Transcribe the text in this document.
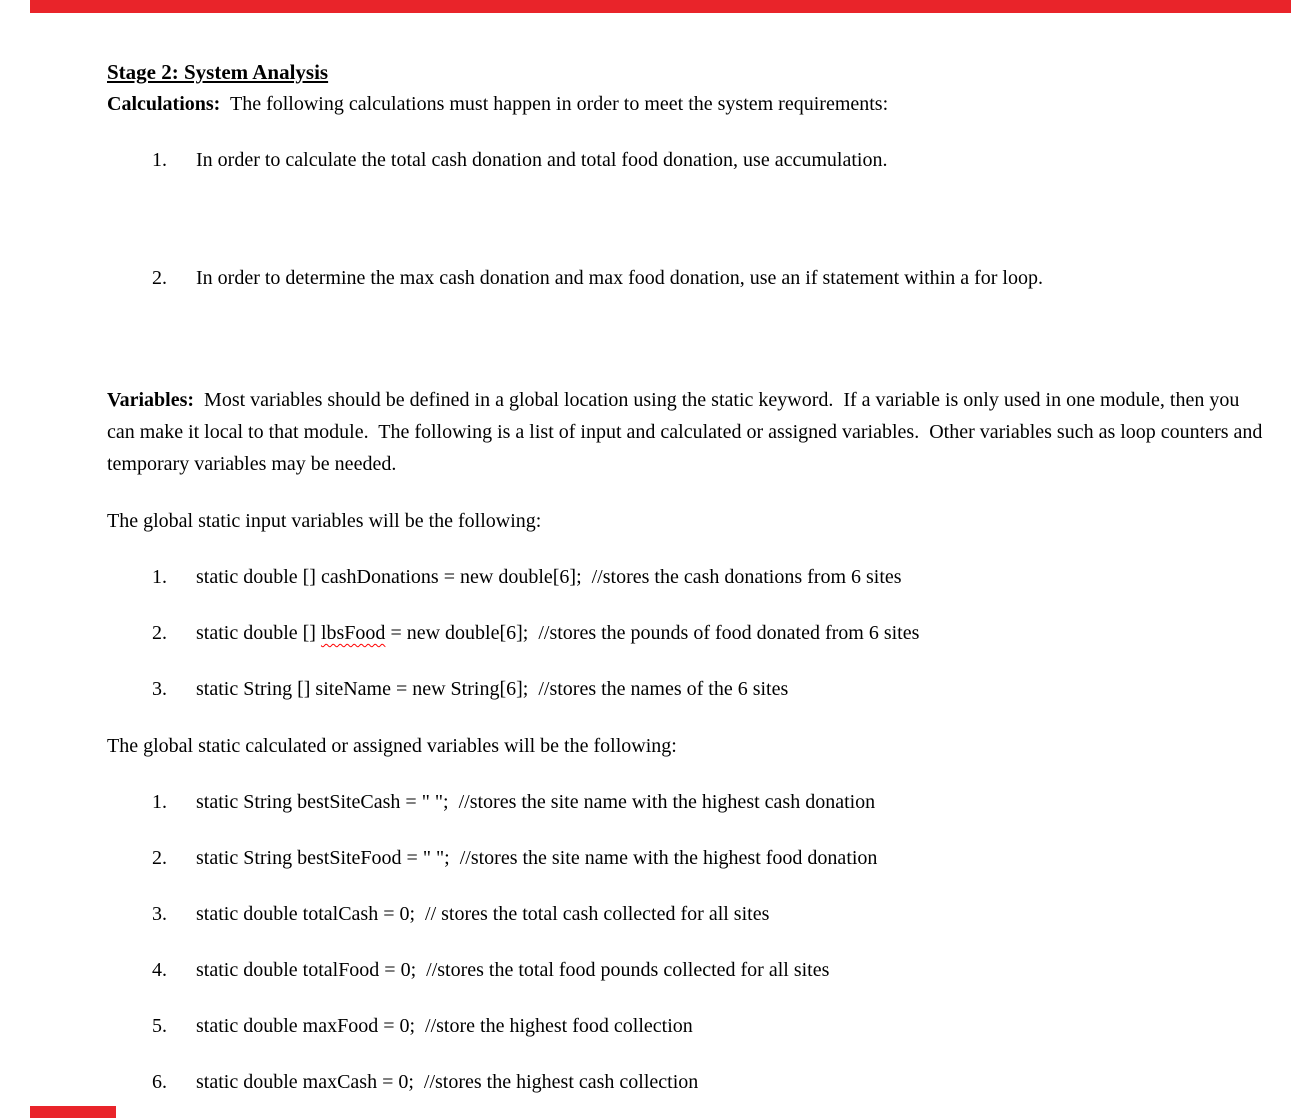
Stage 2: System Analysis

Calculations:  The following calculations must happen in order to meet the system requirements:

1.	In order to calculate the total cash donation and total food donation, use accumulation.
2.	In order to determine the max cash donation and max food donation, use an if statement within a for loop.

Variables:  Most variables should be defined in a global location using the static keyword.  If a variable is only used in one module, then you can make it local to that module.  The following is a list of input and calculated or assigned variables.  Other variables such as loop counters and temporary variables may be needed.

The global static input variables will be the following:

1.	static double [] cashDonations = new double[6];  //stores the cash donations from 6 sites
2.	static double [] lbsFood = new double[6];  //stores the pounds of food donated from 6 sites
3.	static String [] siteName = new String[6];  //stores the names of the 6 sites

The global static calculated or assigned variables will be the following:

1.	static String bestSiteCash = " ";  //stores the site name with the highest cash donation
2.	static String bestSiteFood = " ";  //stores the site name with the highest food donation
3.	static double totalCash = 0;  // stores the total cash collected for all sites
4.	static double totalFood = 0;  //stores the total food pounds collected for all sites
5.	static double maxFood = 0;  //store the highest food collection
6.	static double maxCash = 0;  //stores the highest cash collection
